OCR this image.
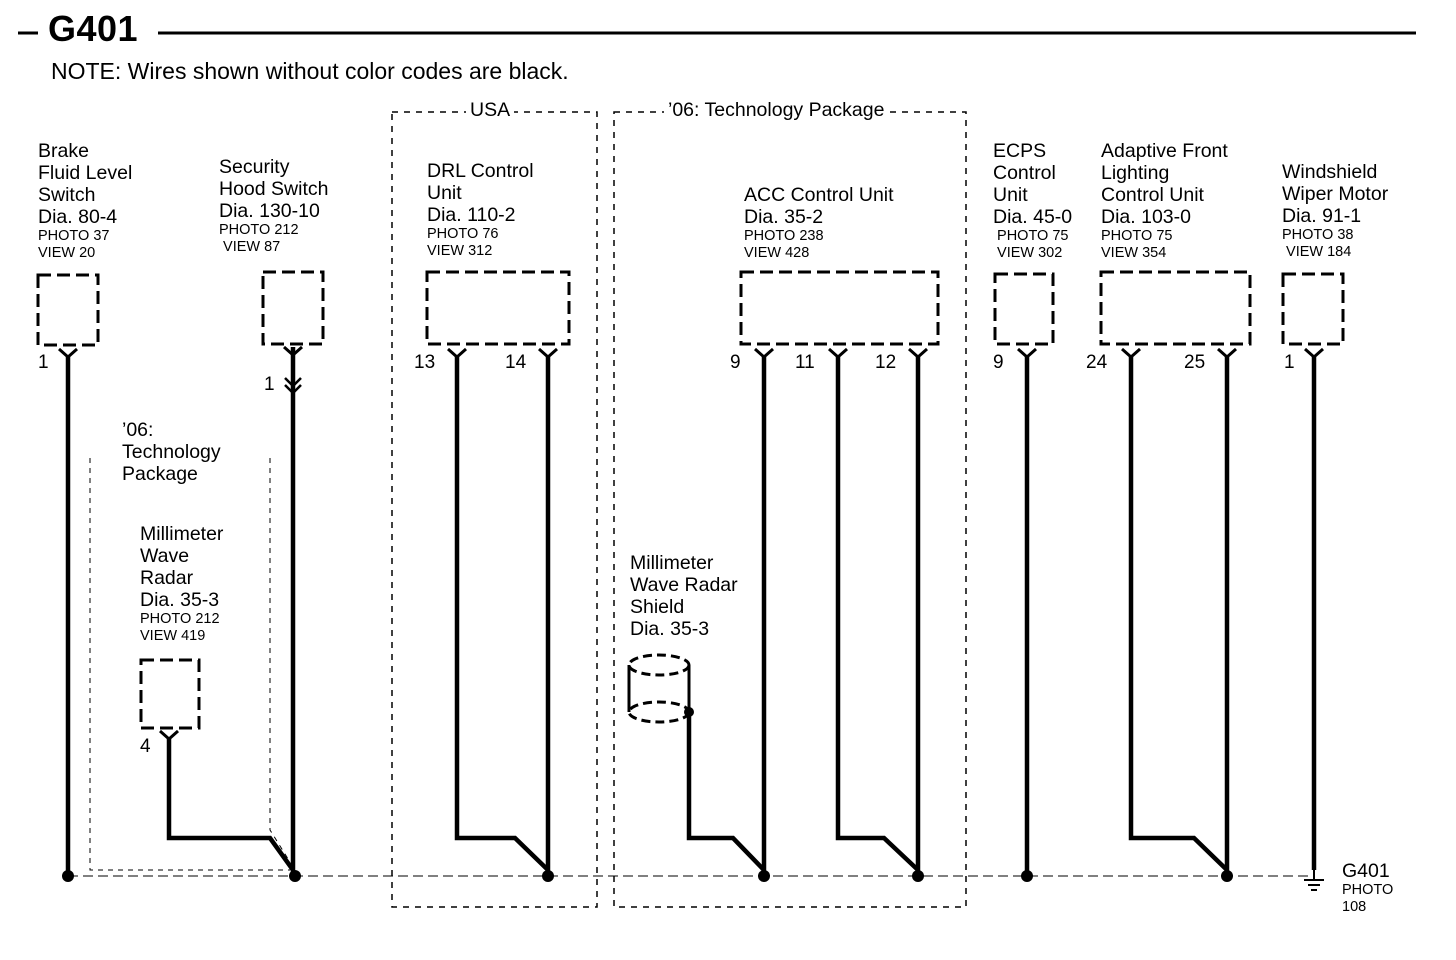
G401
NOTE: Wires shown without color codes are black.
USA	’06: Technology Package
’06:
Technology
Package
Brake
Fluid Level
Switch
Dia. 80-4
PHOTO 37
VIEW 20
Security
Hood Switch
Dia. 130-10
PHOTO 212
VIEW 87
DRL Control
Unit
Dia. 110-2
PHOTO 76
VIEW 312
ACC Control Unit
Dia. 35-2
PHOTO 238
VIEW 428
ECPS
Control
Unit
Dia. 45-0
PHOTO 75
VIEW 302
Adaptive Front
Lighting
Control Unit
Dia. 103-0
PHOTO 75
VIEW 354
Windshield
Wiper Motor
Dia. 91-1
PHOTO 38
VIEW 184
Millimeter
Wave
Radar
Dia. 35-3
PHOTO 212
VIEW 419
Millimeter
Wave Radar
Shield
Dia. 35-3
1
1
13	14	9	11	12	9	24	25	1
4
G401
PHOTO
108
